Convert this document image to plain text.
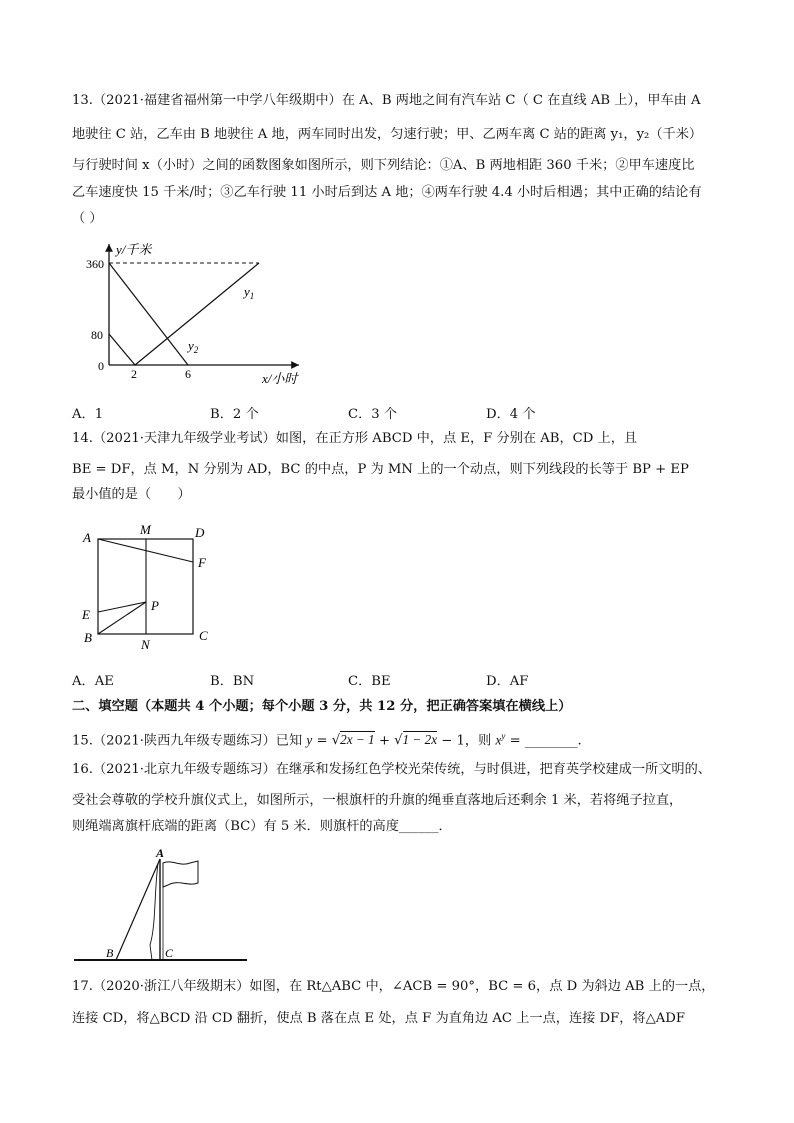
13.（2021·福建省福州第一中学八年级期中）在 A、B 两地之间有汽车站 C（ C 在直线 AB 上），甲车由 A
地驶往 C 站，乙车由 B 地驶往 A 地，两车同时出发，匀速行驶；甲、乙两车离 C 站的距离 y₁，y₂（千米）
与行驶时间 x（小时）之间的函数图象如图所示，则下列结论：①A、B 两地相距 360 千米；②甲车速度比
乙车速度快 15 千米/时；③乙车行驶 11 小时后到达 A 地；④两车行驶 4.4 小时后相遇；其中正确的结论有
（ ）
y/千米
360
80
0
2	6	x/小时
$y_1$
$y_2$
A．1	B．2 个	C．3 个	D．4 个
14.（2021·天津九年级学业考试）如图，在正方形 ABCD 中，点 E，F 分别在 AB，CD 上，且
BE = DF，点 M，N 分别为 AD，BC 的中点，P 为 MN 上的一个动点，则下列线段的长等于 BP + EP
最小值的是（　　）
A
M	D
F
E
P
B	N
C
A．AE	B．BN	C．BE	D．AF
二、填空题（本题共 4 个小题；每个小题 3 分，共 12 分，把正确答案填在横线上）
15.（2021·陕西九年级专题练习）已知 y = √2x − 1 + √1 − 2x − 1，则 $x^y$ = ________.
16.（2021·北京九年级专题练习）在继承和发扬红色学校光荣传统，与时俱进，把育英学校建成一所文明的、
受社会尊敬的学校升旗仪式上，如图所示，一根旗杆的升旗的绳垂直落地后还剩余 1 米，若将绳子拉直，
则绳端离旗杆底端的距离（BC）有 5 米．则旗杆的高度______．
A
B	C
17.（2020·浙江八年级期末）如图，在 Rt△ABC 中，∠ACB = 90°，BC = 6，点 D 为斜边 AB 上的一点，
连接 CD，将△BCD 沿 CD 翻折，使点 B 落在点 E 处，点 F 为直角边 AC 上一点，连接 DF，将△ADF
